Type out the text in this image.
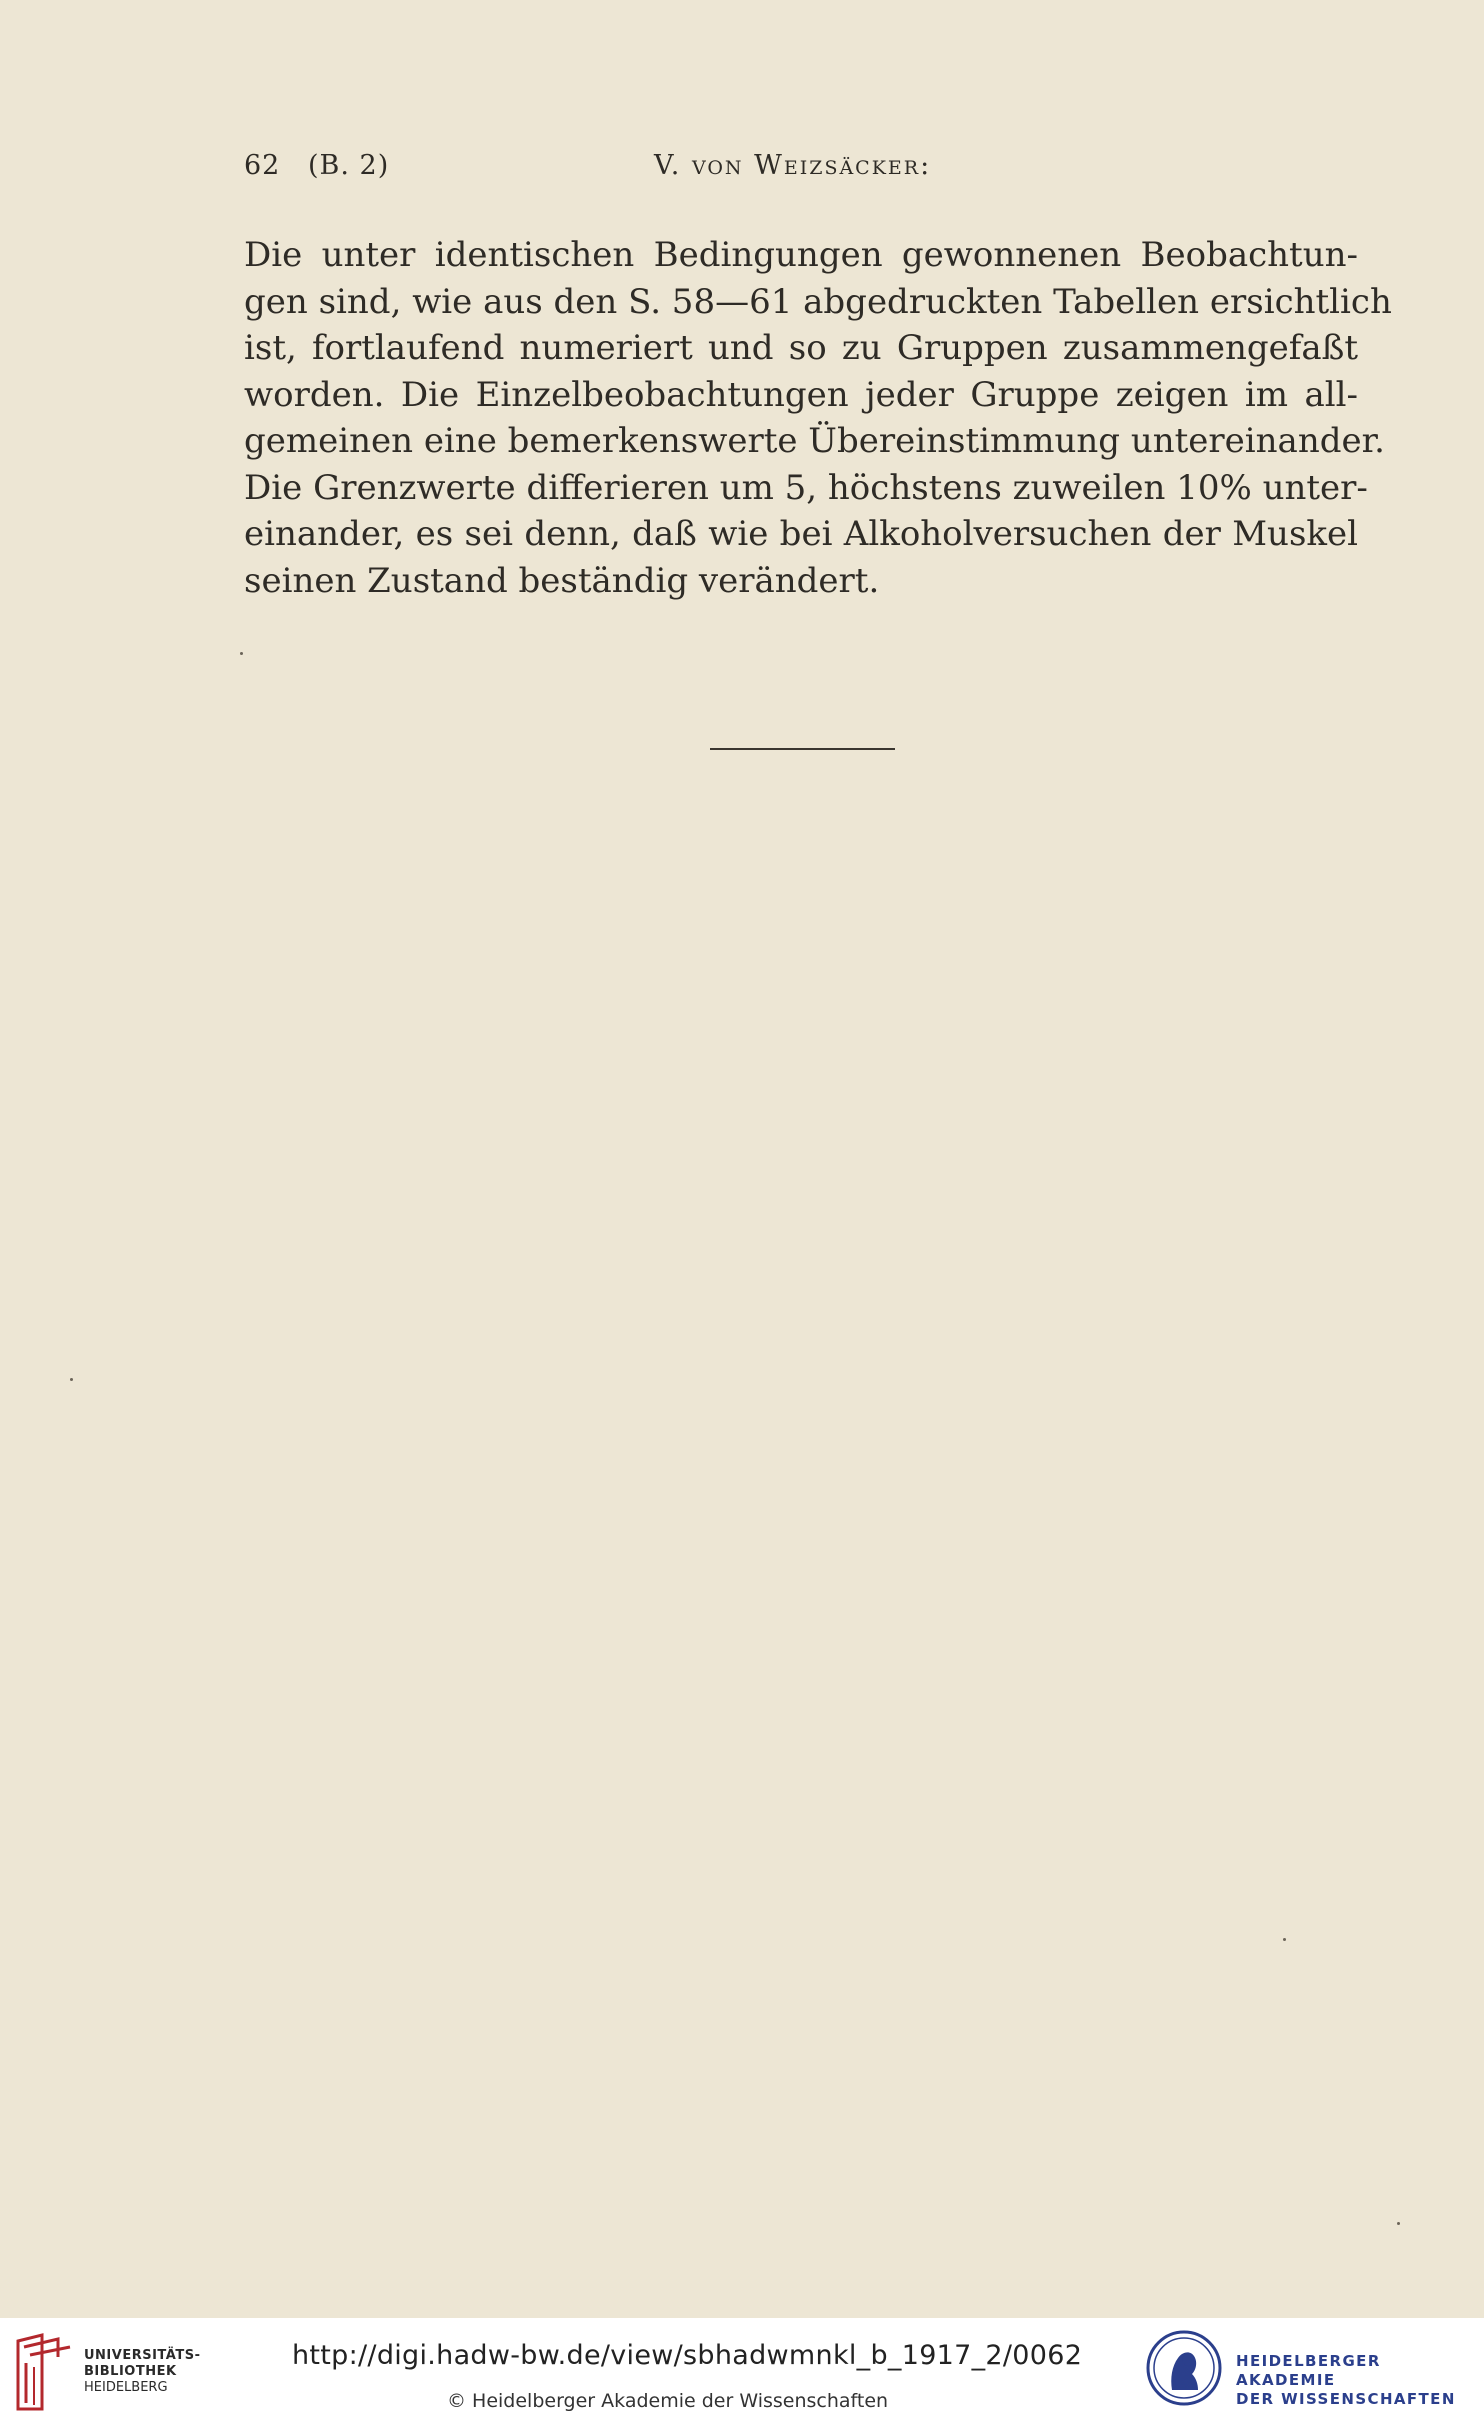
62 (B. 2)	V. von Weizsäcker:

Die unter identischen Bedingungen gewonnenen Beobachtun-
gen sind, wie aus den S. 58—61 abgedruckten Tabellen ersichtlich
ist, fortlaufend numeriert und so zu Gruppen zusammengefaßt
worden. Die Einzelbeobachtungen jeder Gruppe zeigen im all-
gemeinen eine bemerkenswerte Übereinstimmung untereinander.
Die Grenzwerte differieren um 5, höchstens zuweilen 10% unter-
einander, es sei denn, daß wie bei Alkoholversuchen der Muskel
seinen Zustand beständig verändert.

UNIVERSITÄTS-
BIBLIOTHEK
HEIDELBERG
http://digi.hadw-bw.de/view/sbhadwmnkl_b_1917_2/0062
© Heidelberger Akademie der Wissenschaften
HEIDELBERGER AKADEMIE
DER WISSENSCHAFTEN
